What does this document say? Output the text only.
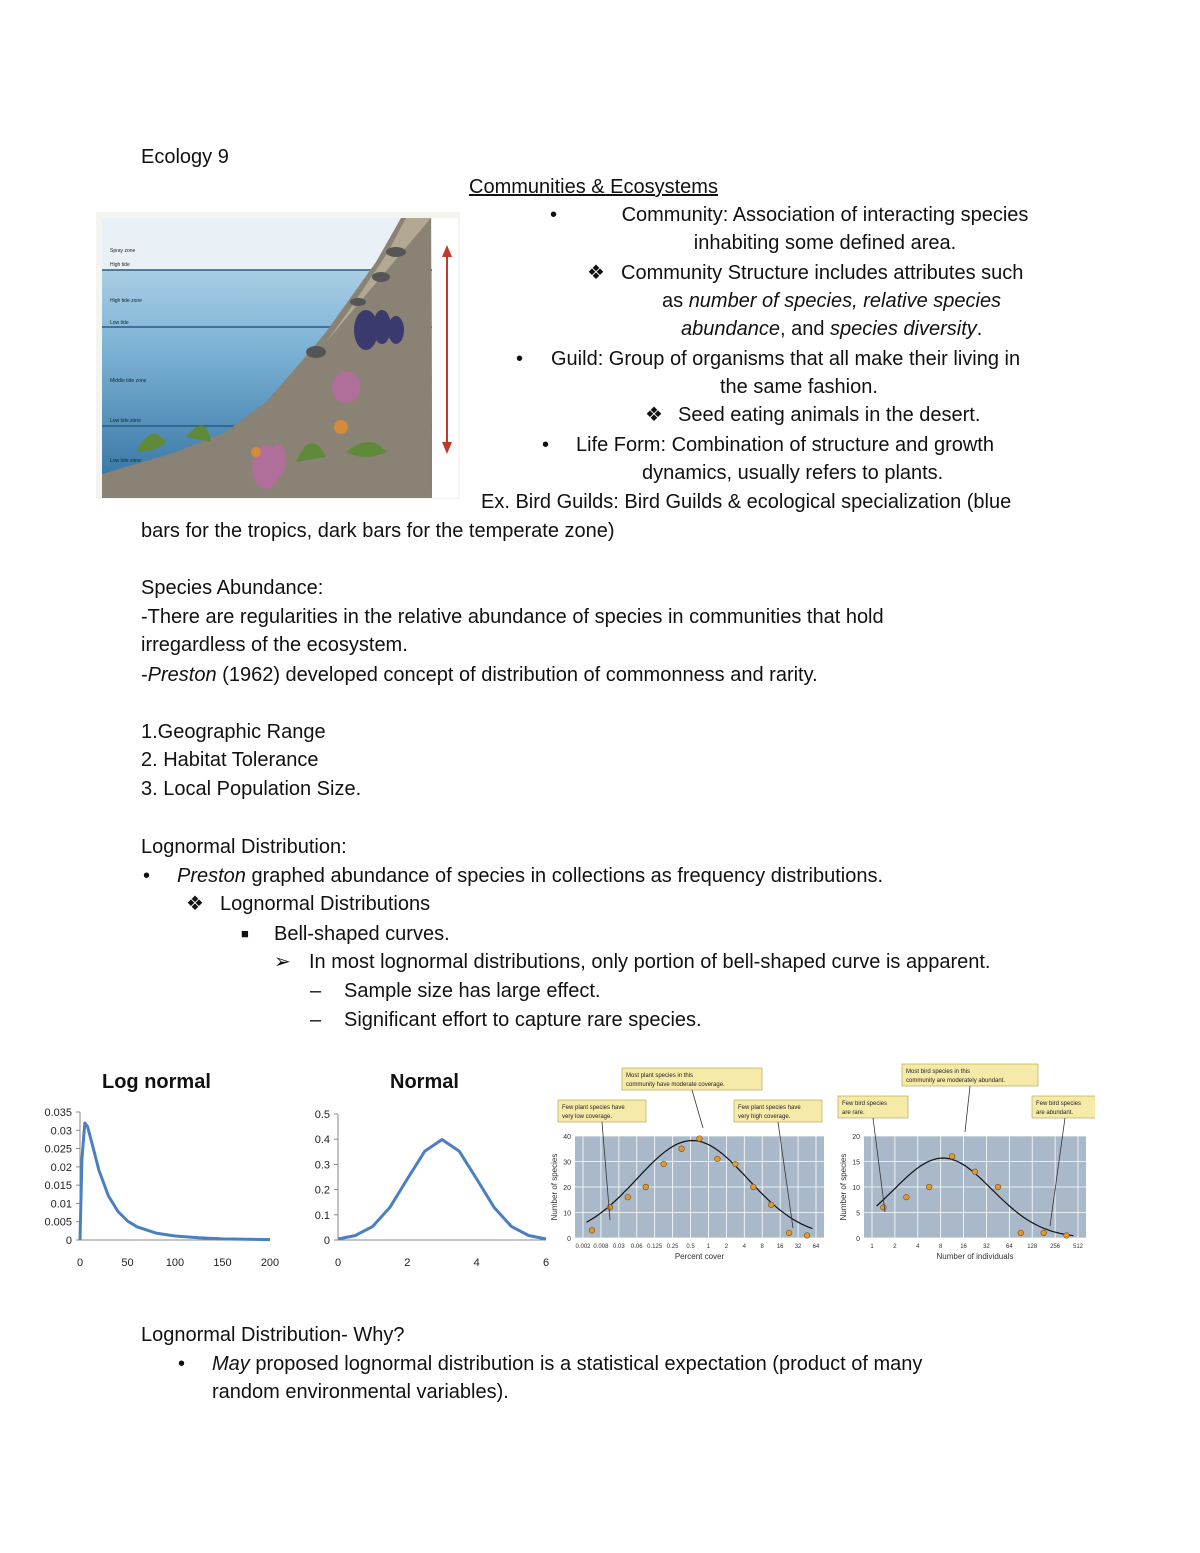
Ecology 9
Communities & Ecosystems
Spray zone
High tide
High tide zone
Low tide
Middle tide zone
Low tide zone
Low tide zone
•	Community: Association of interacting species
inhabiting some defined area.
❖ Community Structure includes attributes such
as number of species, relative species
abundance, and species diversity.
• Guild: Group of organisms that all make their living in
the same fashion.
❖ Seed eating animals in the desert.
• Life Form: Combination of structure and growth
dynamics, usually refers to plants.
Ex. Bird Guilds: Bird Guilds & ecological specialization (blue
bars for the tropics, dark bars for the temperate zone)
Species Abundance:
-There are regularities in the relative abundance of species in communities that hold
irregardless of the ecosystem.
-Preston (1962) developed concept of distribution of commonness and rarity.
1.Geographic Range
2. Habitat Tolerance
3. Local Population Size.
Lognormal Distribution:
• Preston graphed abundance of species in collections as frequency distributions.
❖ Lognormal Distributions
■ Bell-shaped curves.
➢ In most lognormal distributions, only portion of bell-shaped curve is apparent.
– Sample size has large effect.
– Significant effort to capture rare species.
Log normal	Normal
0
0.005
0.01
0.015
0.02
0.025
0.03
0.035
0	50	100	150	200
0
0.1
0.2
0.3
0.4
0.5
0	2	4	6
0
10
20
30
40
0.002 0.008 0.03 0.06 0.125 0.25 0.5 1 2 4 8 16 32 64
Percent cover
Number of species
Few plant species have
very low coverage.
Most plant species in this
community have moderate coverage.
Few plant species have
very high coverage.
0
5
10
15
20
1	2	4	8	16	32	64 128 256 512
Number of individuals
Number of species
Few bird species
are rare.
Most bird species in this
community are moderately abundant.
Few bird species
are abundant.
Lognormal Distribution- Why?
• May proposed lognormal distribution is a statistical expectation (product of many
random environmental variables).
